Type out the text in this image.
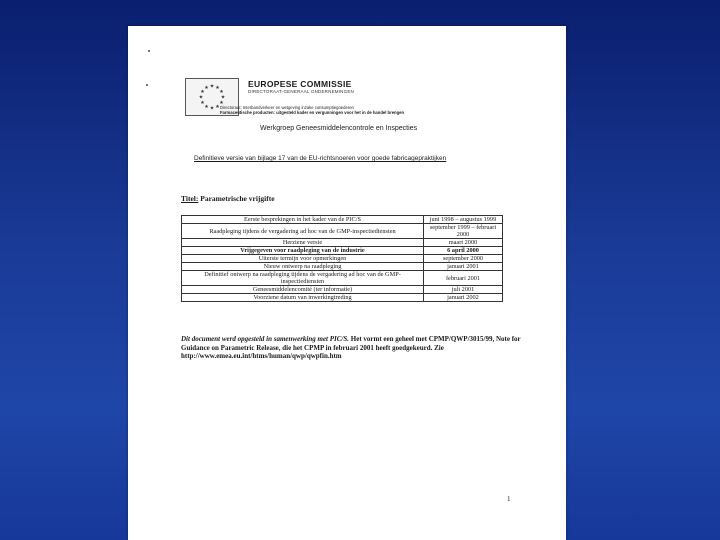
★
★
★
★
★
★
★
★
★ ★ ★
★
EUROPESE COMMISSIE
DIRECTORAAT-GENERAAL ONDERNEMINGEN
Directoraat: Interbandverkeer en wetgeving inzake consumptiegoederen
Farmaceutische producten: uitgesteld kader en vergunningen voor het in de handel brengen
Werkgroep Geneesmiddelencontrole en Inspecties
Definitieve versie van bijlage 17 van de EU-richtsnoeren voor goede fabricagepraktijken
Titel: Parametrische vrijgifte
Eerste besprekingen in het kader van de PIC/S	juni 1998 – augustus 1999
Raadpleging tijdens de vergadering ad hoc van de GMP-inspectiediensten	september 1999 – februari 2000
Herziene versie	maart 2000
Vrijgegeven voor raadpleging van de industrie	6 april 2000
Uiterste termijn voor opmerkingen	september 2000
Nieuw ontwerp na raadpleging	januari 2001
Definitief ontwerp na raadpleging tijdens de vergadering ad hoc van de GMP-inspectiediensten	februari 2001
Geneesmiddelencomité (ter informatie)	juli 2001
Voorziene datum van inwerkingtreding	januari 2002
Dit document werd opgesteld in samenwerking met PIC/S. Het vormt een geheel met CPMP/QWP/3015/99, Note for Guidance on Parametric Release, die het CPMP in februari 2001 heeft goedgekeurd. Zie
http://www.emea.eu.int/htms/human/qwp/qwpfin.htm
1
